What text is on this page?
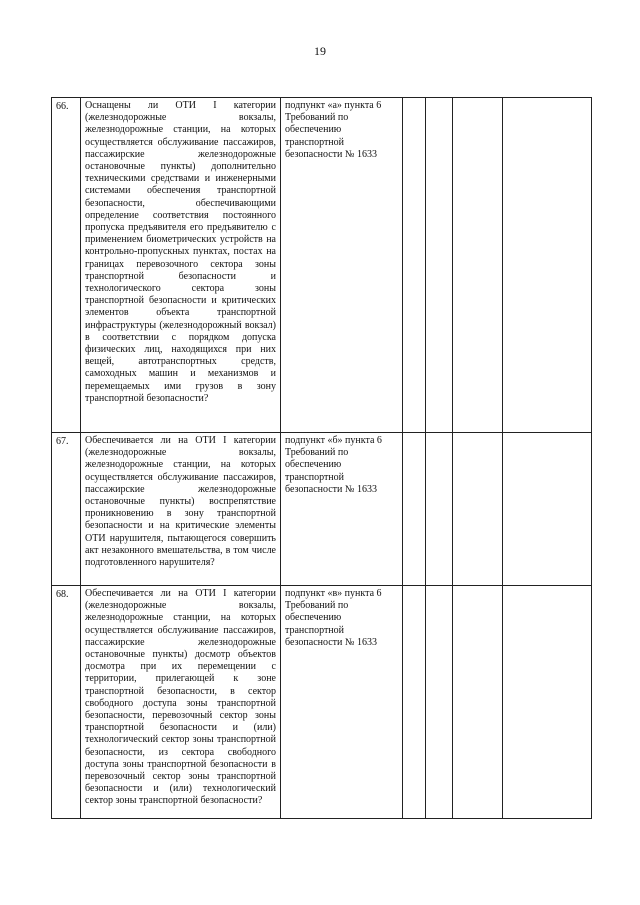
19
66.	Оснащены ли ОТИ I категории (железнодорожные вокзалы, железнодорожные станции, на которых осуществляется обслуживание пассажиров, пассажирские железнодорожные остановочные пункты) дополнительно техническими средствами и инженерными системами обеспечения транспортной безопасности, обеспечивающими определение соответствия постоянного пропуска предъявителя его предъявителю с применением биометрических устройств на контрольно-пропускных пунктах, постах на границах перевозочного сектора зоны транспортной безопасности и технологического сектора зоны транспортной безопасности и критических элементов объекта транспортной инфраструктуры (железнодорожный вокзал) в соответствии с порядком допуска физических лиц, находящихся при них вещей, автотранспортных средств, самоходных машин и механизмов и перемещаемых ими грузов в зону транспортной безопасности?	подпункт «а» пункта 6 Требований по обеспечению транспортной безопасности № 1633				
67.	Обеспечивается ли на ОТИ I категории (железнодорожные вокзалы, железнодорожные станции, на которых осуществляется обслуживание пассажиров, пассажирские железнодорожные остановочные пункты) воспрепятствие проникновению в зону транспортной безопасности и на критические элементы ОТИ нарушителя, пытающегося совершить акт незаконного вмешательства, в том числе подготовленного нарушителя?	подпункт «б» пункта 6 Требований по обеспечению транспортной безопасности № 1633				
68.	Обеспечивается ли на ОТИ I категории (железнодорожные вокзалы, железнодорожные станции, на которых осуществляется обслуживание пассажиров, пассажирские железнодорожные остановочные пункты) досмотр объектов досмотра при их перемещении с территории, прилегающей к зоне транспортной безопасности, в сектор свободного доступа зоны транспортной безопасности, перевозочный сектор зоны транспортной безопасности и (или) технологический сектор зоны транспортной безопасности, из сектора свободного доступа зоны транспортной безопасности в перевозочный сектор зоны транспортной безопасности и (или) технологический сектор зоны транспортной безопасности?	подпункт «в» пункта 6 Требований по обеспечению транспортной безопасности № 1633				
